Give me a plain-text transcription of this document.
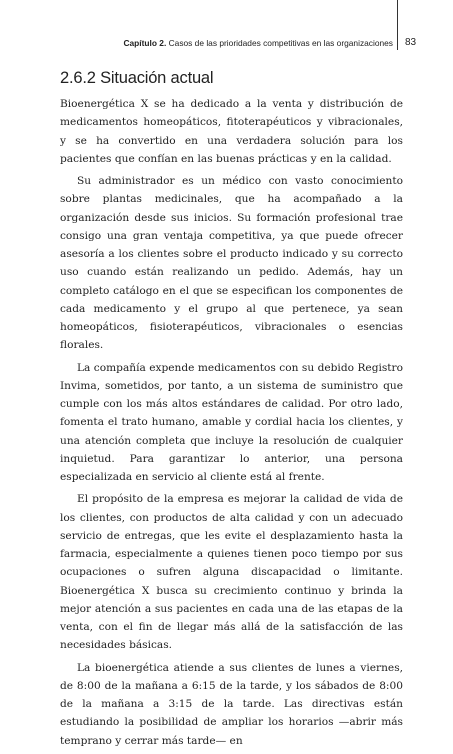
Capítulo 2. Casos de las prioridades competitivas en las organizaciones 83
2.6.2 Situación actual

Bioenergética X se ha dedicado a la venta y distribución de medicamentos homeopáticos, fitoterapéuticos y vibracionales, y se ha convertido en una verdadera solución para los pacientes que confían en las buenas prácticas y en la calidad.

Su administrador es un médico con vasto conocimiento sobre plantas medicinales, que ha acompañado a la organización desde sus inicios. Su formación profesional trae consigo una gran ventaja competitiva, ya que puede ofrecer asesoría a los clientes sobre el producto indicado y su correcto uso cuando están realizando un pedido. Además, hay un completo catálogo en el que se especifican los componentes de cada medicamento y el grupo al que pertenece, ya sean homeopáticos, fisioterapéuticos, vibracionales o esencias florales.

La compañía expende medicamentos con su debido Registro Invima, sometidos, por tanto, a un sistema de suministro que cumple con los más altos estándares de calidad. Por otro lado, fomenta el trato humano, amable y cordial hacia los clientes, y una atención completa que incluye la resolución de cualquier inquietud. Para garantizar lo anterior, una persona especializada en servicio al cliente está al frente.

El propósito de la empresa es mejorar la calidad de vida de los clientes, con productos de alta calidad y con un adecuado servicio de entregas, que les evite el desplazamiento hasta la farmacia, especialmente a quienes tienen poco tiempo por sus ocupaciones o sufren alguna discapacidad o limitante. Bioenergética X busca su crecimiento continuo y brinda la mejor atención a sus pacientes en cada una de las etapas de la venta, con el fin de llegar más allá de la satisfacción de las necesidades básicas.

La bioenergética atiende a sus clientes de lunes a viernes, de 8:00 de la mañana a 6:15 de la tarde, y los sábados de 8:00 de la mañana a 3:15 de la tarde. Las directivas están estudiando la posibilidad de ampliar los horarios —abrir más temprano y cerrar más tarde— en
